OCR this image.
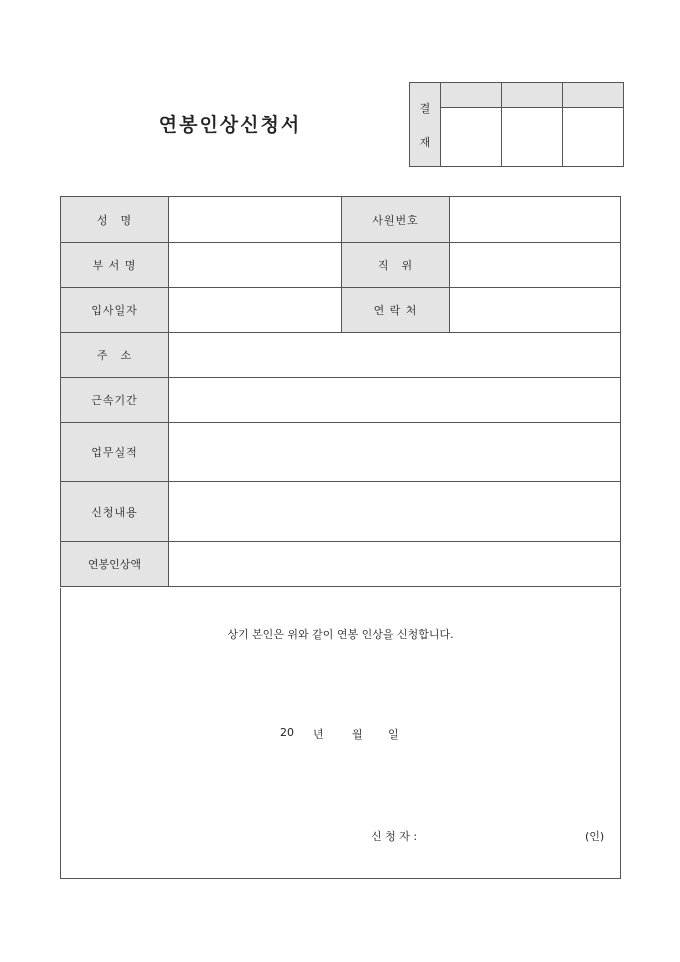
연봉인상신청서
결
재			

성　명		사원번호	
부 서 명		직　위	
입사일자		연 락 처	
주　소			
근속기간			
업무실적			
신청내용			
연봉인상액			
상기 본인은 위와 같이 연봉 인상을 신청합니다.
20 년	월 일
신 청 자 :	(인)
